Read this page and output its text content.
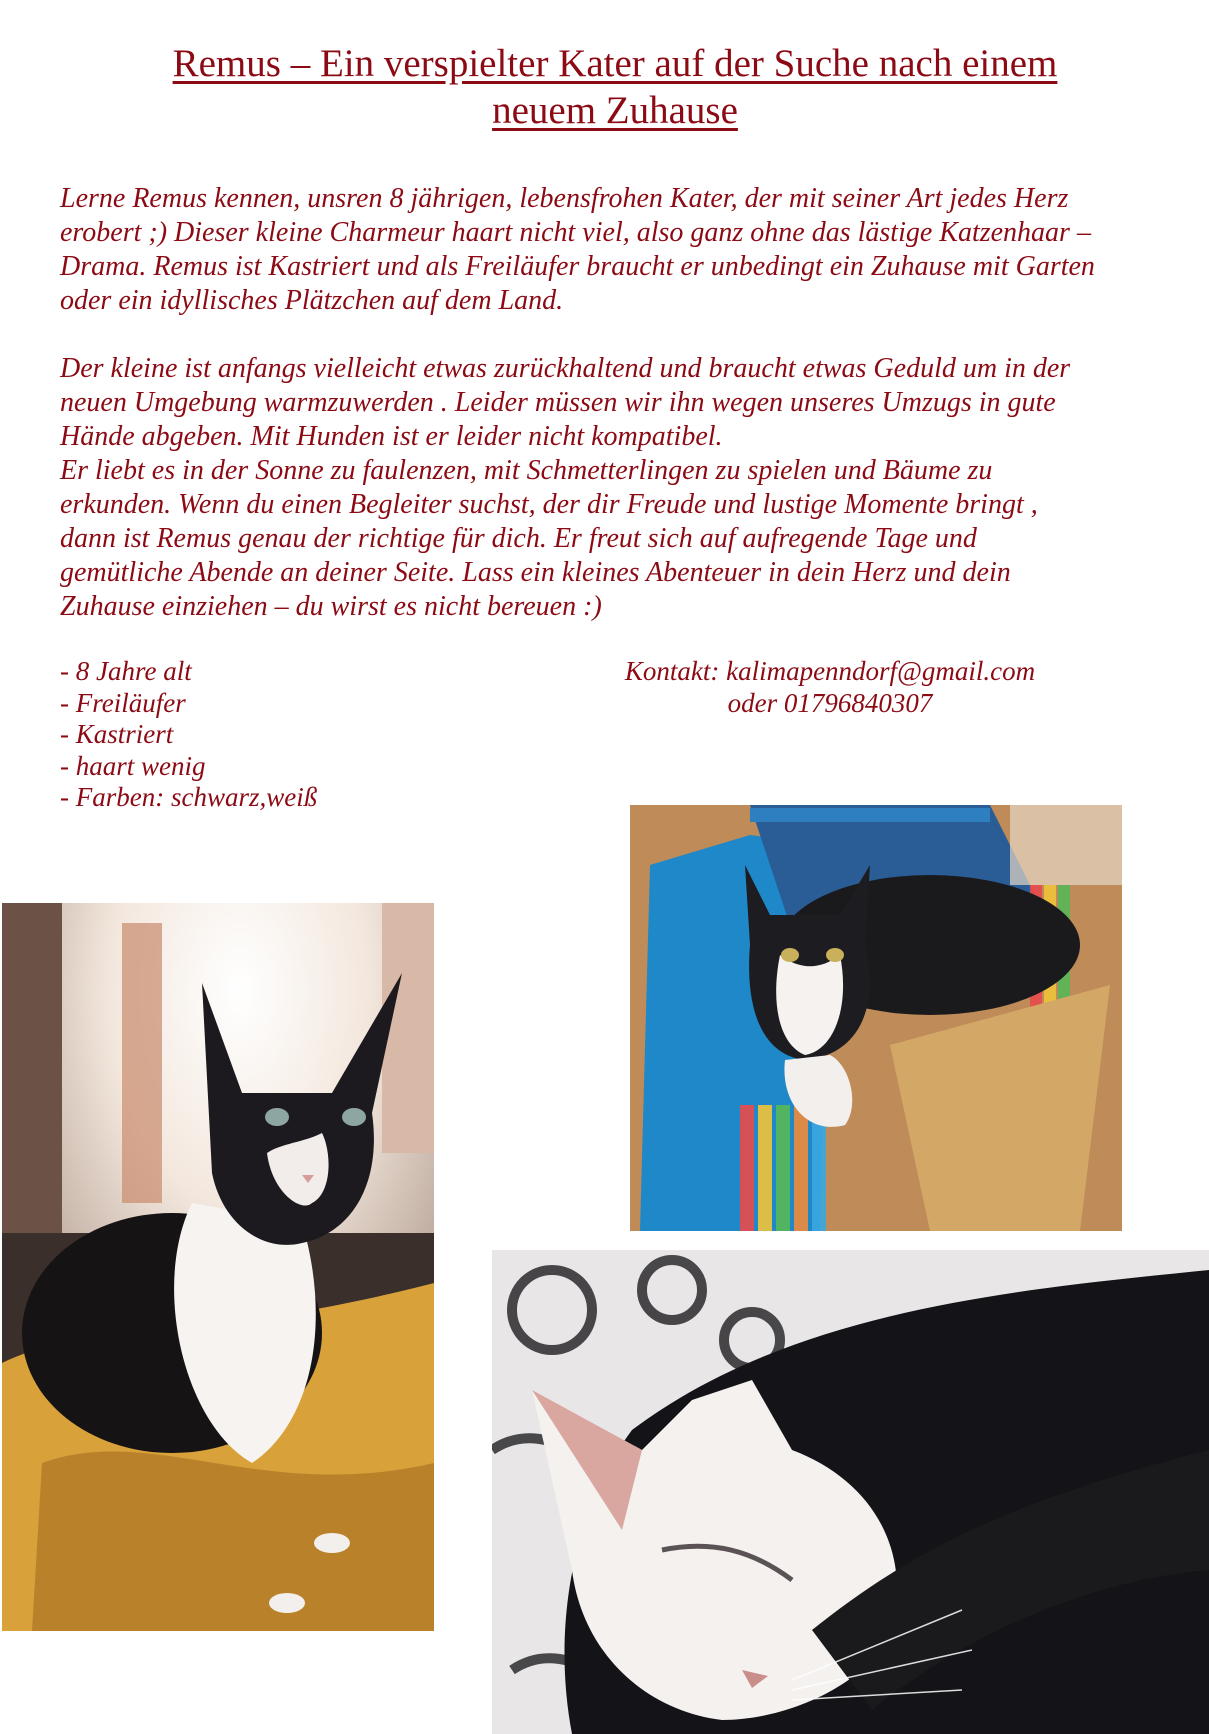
Remus – Ein verspielter Kater auf der Suche nach einem
neuem Zuhause

Lerne Remus kennen, unsren 8 jährigen, lebensfrohen Kater, der mit seiner Art jedes Herz
erobert ;) Dieser kleine Charmeur haart nicht viel, also ganz ohne das lästige Katzenhaar –
Drama. Remus ist Kastriert und als Freiläufer braucht er unbedingt ein Zuhause mit Garten
oder ein idyllisches Plätzchen auf dem Land.

Der kleine ist anfangs vielleicht etwas zurückhaltend und braucht etwas Geduld um in der
neuen Umgebung warmzuwerden . Leider müssen wir ihn wegen unseres Umzugs in gute
Hände abgeben. Mit Hunden ist er leider nicht kompatibel.
Er liebt es in der Sonne zu faulenzen, mit Schmetterlingen zu spielen und Bäume zu
erkunden. Wenn du einen Begleiter suchst, der dir Freude und lustige Momente bringt ,
dann ist Remus genau der richtige für dich. Er freut sich auf aufregende Tage und
gemütliche Abende an deiner Seite. Lass ein kleines Abenteuer in dein Herz und dein
Zuhause einziehen – du wirst es nicht bereuen :)

- 8 Jahre alt
- Freiläufer
- Kastriert
- haart wenig
- Farben: schwarz,weiß
Kontakt: kalimapenndorf@gmail.com
oder 01796840307
